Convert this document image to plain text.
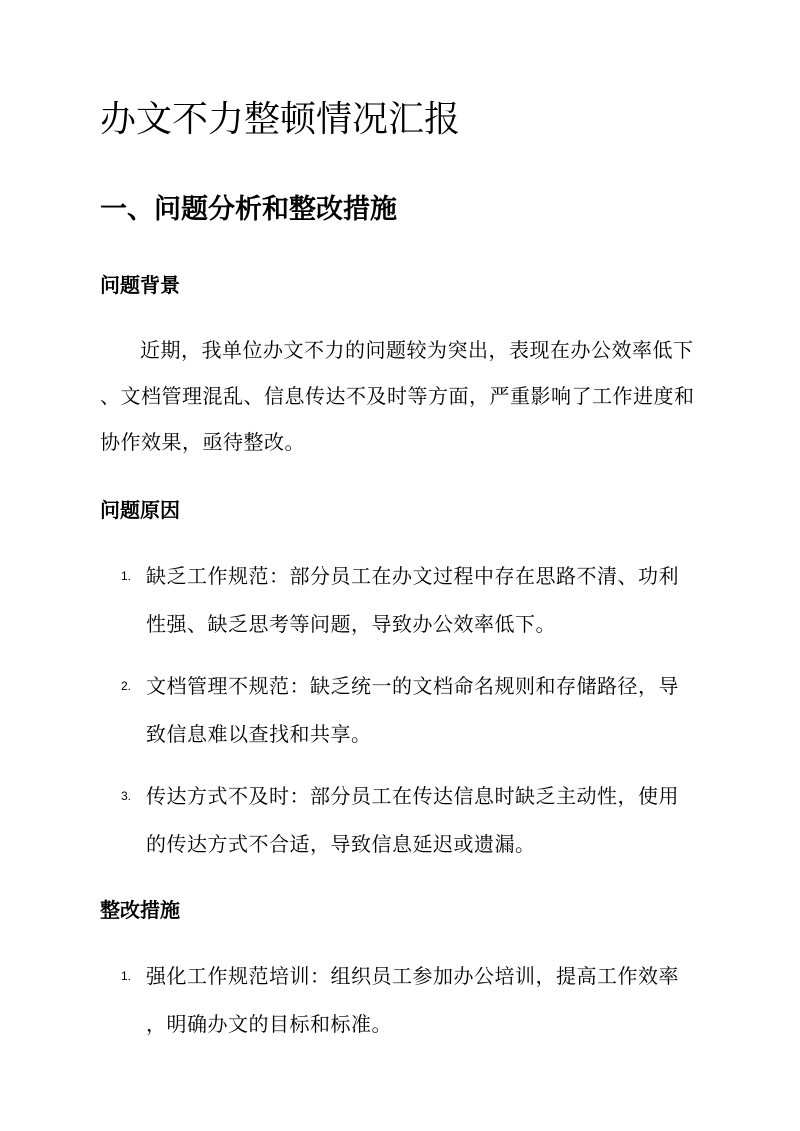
办文不力整顿情况汇报
一、问题分析和整改措施
问题背景
近期，我单位办文不力的问题较为突出，表现在办公效率低下
、文档管理混乱、信息传达不及时等方面，严重影响了工作进度和
协作效果，亟待整改。
问题原因
1. 缺乏工作规范：部分员工在办文过程中存在思路不清、功利
性强、缺乏思考等问题，导致办公效率低下。
2. 文档管理不规范：缺乏统一的文档命名规则和存储路径，导
致信息难以查找和共享。
3. 传达方式不及时：部分员工在传达信息时缺乏主动性，使用
的传达方式不合适，导致信息延迟或遗漏。
整改措施
1. 强化工作规范培训：组织员工参加办公培训，提高工作效率
，明确办文的目标和标准。
